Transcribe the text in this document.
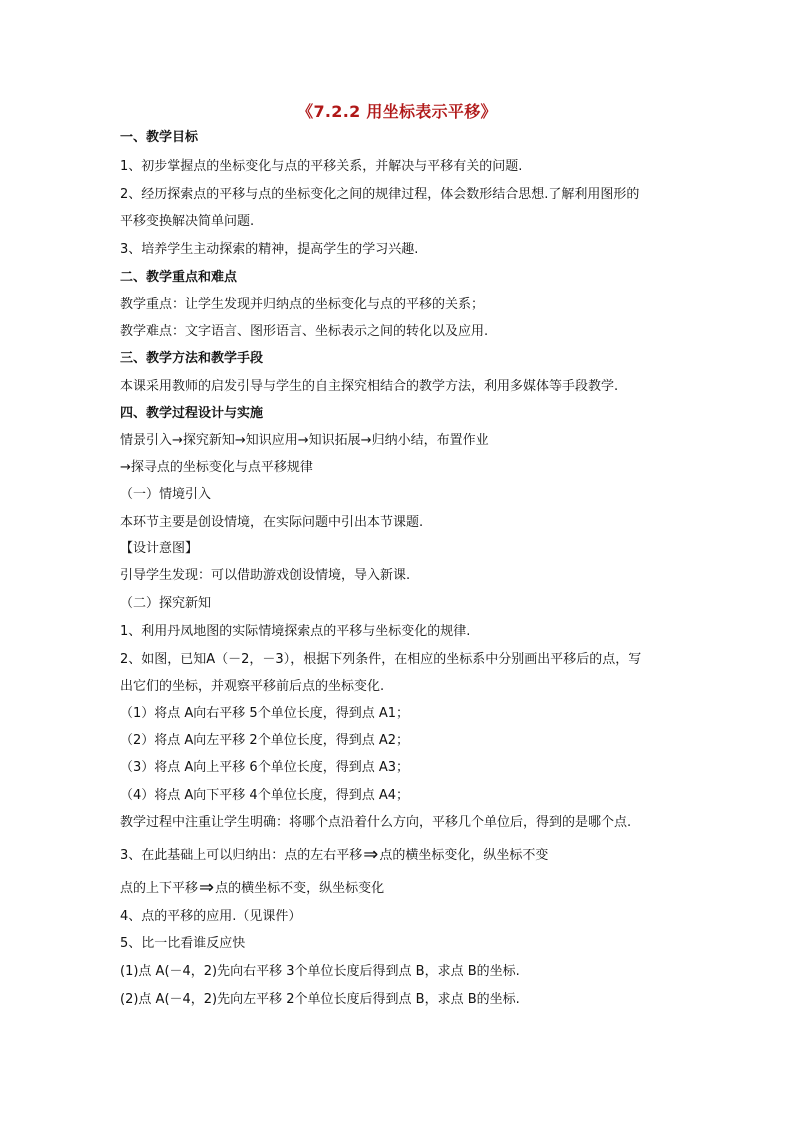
《7.2.2 用坐标表示平移》
一、教学目标
1、初步掌握点的坐标变化与点的平移关系，并解决与平移有关的问题.
2、经历探索点的平移与点的坐标变化之间的规律过程，体会数形结合思想.了解利用图形的
平移变换解决简单问题.
3、培养学生主动探索的精神，提高学生的学习兴趣.
二、教学重点和难点
教学重点：让学生发现并归纳点的坐标变化与点的平移的关系；
教学难点：文字语言、图形语言、坐标表示之间的转化以及应用.
三、教学方法和教学手段
本课采用教师的启发引导与学生的自主探究相结合的教学方法，利用多媒体等手段教学.
四、教学过程设计与实施
情景引入→探究新知→知识应用→知识拓展→归纳小结，布置作业
→探寻点的坐标变化与点平移规律
（一）情境引入
本环节主要是创设情境，在实际问题中引出本节课题.
【设计意图】
引导学生发现：可以借助游戏创设情境，导入新课.
（二）探究新知
1、利用丹凤地图的实际情境探索点的平移与坐标变化的规律.
2、如图，已知A（－2，－3），根据下列条件，在相应的坐标系中分别画出平移后的点，写
出它们的坐标，并观察平移前后点的坐标变化.
（1）将点 A向右平移 5个单位长度，得到点 A1；
（2）将点 A向左平移 2个单位长度，得到点 A2；
（3）将点 A向上平移 6个单位长度，得到点 A3；
（4）将点 A向下平移 4个单位长度，得到点 A4；
教学过程中注重让学生明确：将哪个点沿着什么方向，平移几个单位后，得到的是哪个点.
3、在此基础上可以归纳出：点的左右平移⇒点的横坐标变化，纵坐标不变
点的上下平移⇒点的横坐标不变，纵坐标变化
4、点的平移的应用.（见课件）
5、比一比看谁反应快
(1)点 A(－4，2)先向右平移 3个单位长度后得到点 B，求点 B的坐标.
(2)点 A(－4，2)先向左平移 2个单位长度后得到点 B，求点 B的坐标.
